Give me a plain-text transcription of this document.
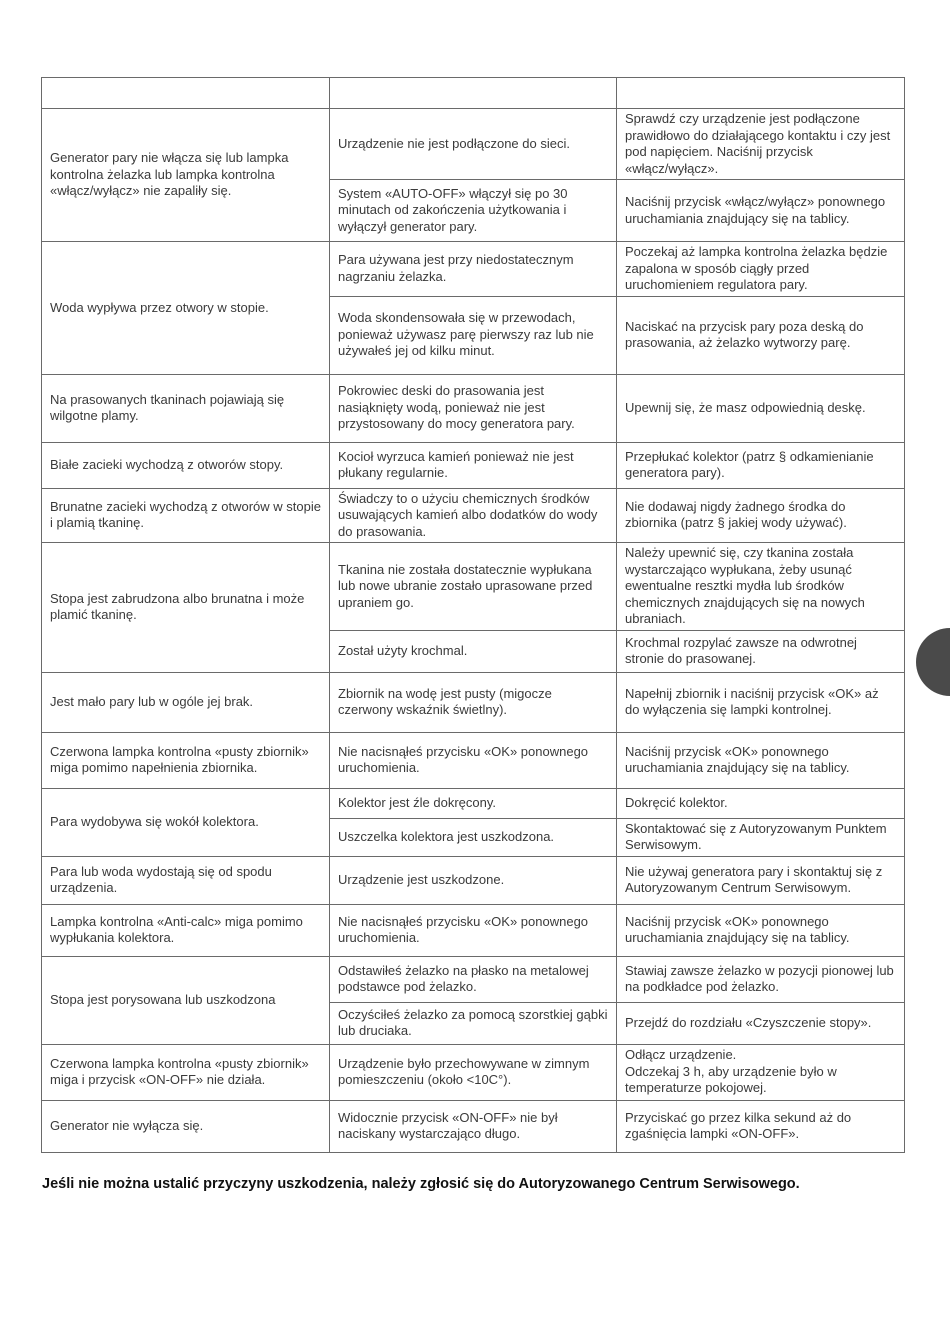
Generator pary nie włącza się lub lampka kontrolna żelazka lub lampka kontrolna «włącz/wyłącz» nie zapaliły się.	Urządzenie nie jest podłączone do sieci.	Sprawdź czy urządzenie jest podłączone prawidłowo do działającego kontaktu i czy jest pod napięciem. Naciśnij przycisk «włącz/wyłącz».
	System «AUTO-OFF» włączył się po 30 minutach od zakończenia użytkowania i wyłączył generator pary.	Naciśnij przycisk «włącz/wyłącz» ponownego uruchamiania znajdujący się na tablicy.
Woda wypływa przez otwory w stopie.	Para używana jest przy niedostatecznym nagrzaniu żelazka.	Poczekaj aż lampka kontrolna żelazka będzie zapalona w sposób ciągły przed uruchomieniem regulatora pary.
	Woda skondensowała się w przewodach, ponieważ używasz parę pierwszy raz lub nie używałeś jej od kilku minut.	Naciskać na przycisk pary poza deską do prasowania, aż żelazko wytworzy parę.
Na prasowanych tkaninach pojawiają się wilgotne plamy.	Pokrowiec deski do prasowania jest nasiąknięty wodą, ponieważ nie jest przystosowany do mocy generatora pary.	Upewnij się, że masz odpowiednią deskę.
Białe zacieki wychodzą z otworów stopy.	Kocioł wyrzuca kamień ponieważ nie jest płukany regularnie.	Przepłukać kolektor (patrz § odkamienianie generatora pary).
Brunatne zacieki wychodzą z otworów w stopie i plamią tkaninę.	Świadczy to o użyciu chemicznych środków usuwających kamień albo dodatków do wody do prasowania.	Nie dodawaj nigdy żadnego środka do zbiornika (patrz § jakiej wody używać).
Stopa jest zabrudzona albo brunatna i może plamić tkaninę.	Tkanina nie została dostatecznie wypłukana lub nowe ubranie zostało uprasowane przed upraniem go.	Należy upewnić się, czy tkanina została wystarczająco wypłukana, żeby usunąć ewentualne resztki mydła lub środków chemicznych znajdujących się na nowych ubraniach.
	Został użyty krochmal.	Krochmal rozpylać zawsze na odwrotnej stronie do prasowanej.
Jest mało pary lub w ogóle jej brak.	Zbiornik na wodę jest pusty (migocze czerwony wskaźnik świetlny).	Napełnij zbiornik i naciśnij przycisk «OK» aż do wyłączenia się lampki kontrolnej.
Czerwona lampka kontrolna «pusty zbiornik» miga pomimo napełnienia zbiornika.	Nie nacisnąłeś przycisku «OK» ponownego uruchomienia.	Naciśnij przycisk «OK» ponownego uruchamiania znajdujący się na tablicy.
Para wydobywa się wokół kolektora.	Kolektor jest źle dokręcony.	Dokręcić kolektor.
	Uszczelka kolektora jest uszkodzona.	Skontaktować się z Autoryzowanym Punktem Serwisowym.
Para lub woda wydostają się od spodu urządzenia.	Urządzenie jest uszkodzone.	Nie używaj generatora pary i skontaktuj się z Autoryzowanym Centrum Serwisowym.
Lampka kontrolna «Anti-calc» miga pomimo wypłukania kolektora.	Nie nacisnąłeś przycisku «OK» ponownego uruchomienia.	Naciśnij przycisk «OK» ponownego uruchamiania znajdujący się na tablicy.
Stopa jest porysowana lub uszkodzona	Odstawiłeś żelazko na płasko na metalowej podstawce pod żelazko.	Stawiaj zawsze żelazko w pozycji pionowej lub na podkładce pod żelazko.
	Oczyściłeś żelazko za pomocą szorstkiej gąbki lub druciaka.	Przejdź do rozdziału «Czyszczenie stopy».
Czerwona lampka kontrolna «pusty zbiornik» miga i przycisk «ON-OFF» nie działa.	Urządzenie było przechowywane w zimnym pomieszczeniu (około <10C°).	Odłącz urządzenie.
Odczekaj 3 h, aby urządzenie było w temperaturze pokojowej.
Generator nie wyłącza się.	Widocznie przycisk «ON-OFF» nie był naciskany wystarczająco długo.	Przyciskać go przez kilka sekund aż do zgaśnięcia lampki «ON-OFF».
Jeśli nie można ustalić przyczyny uszkodzenia, należy zgłosić się do Autoryzowanego Centrum Serwisowego.
